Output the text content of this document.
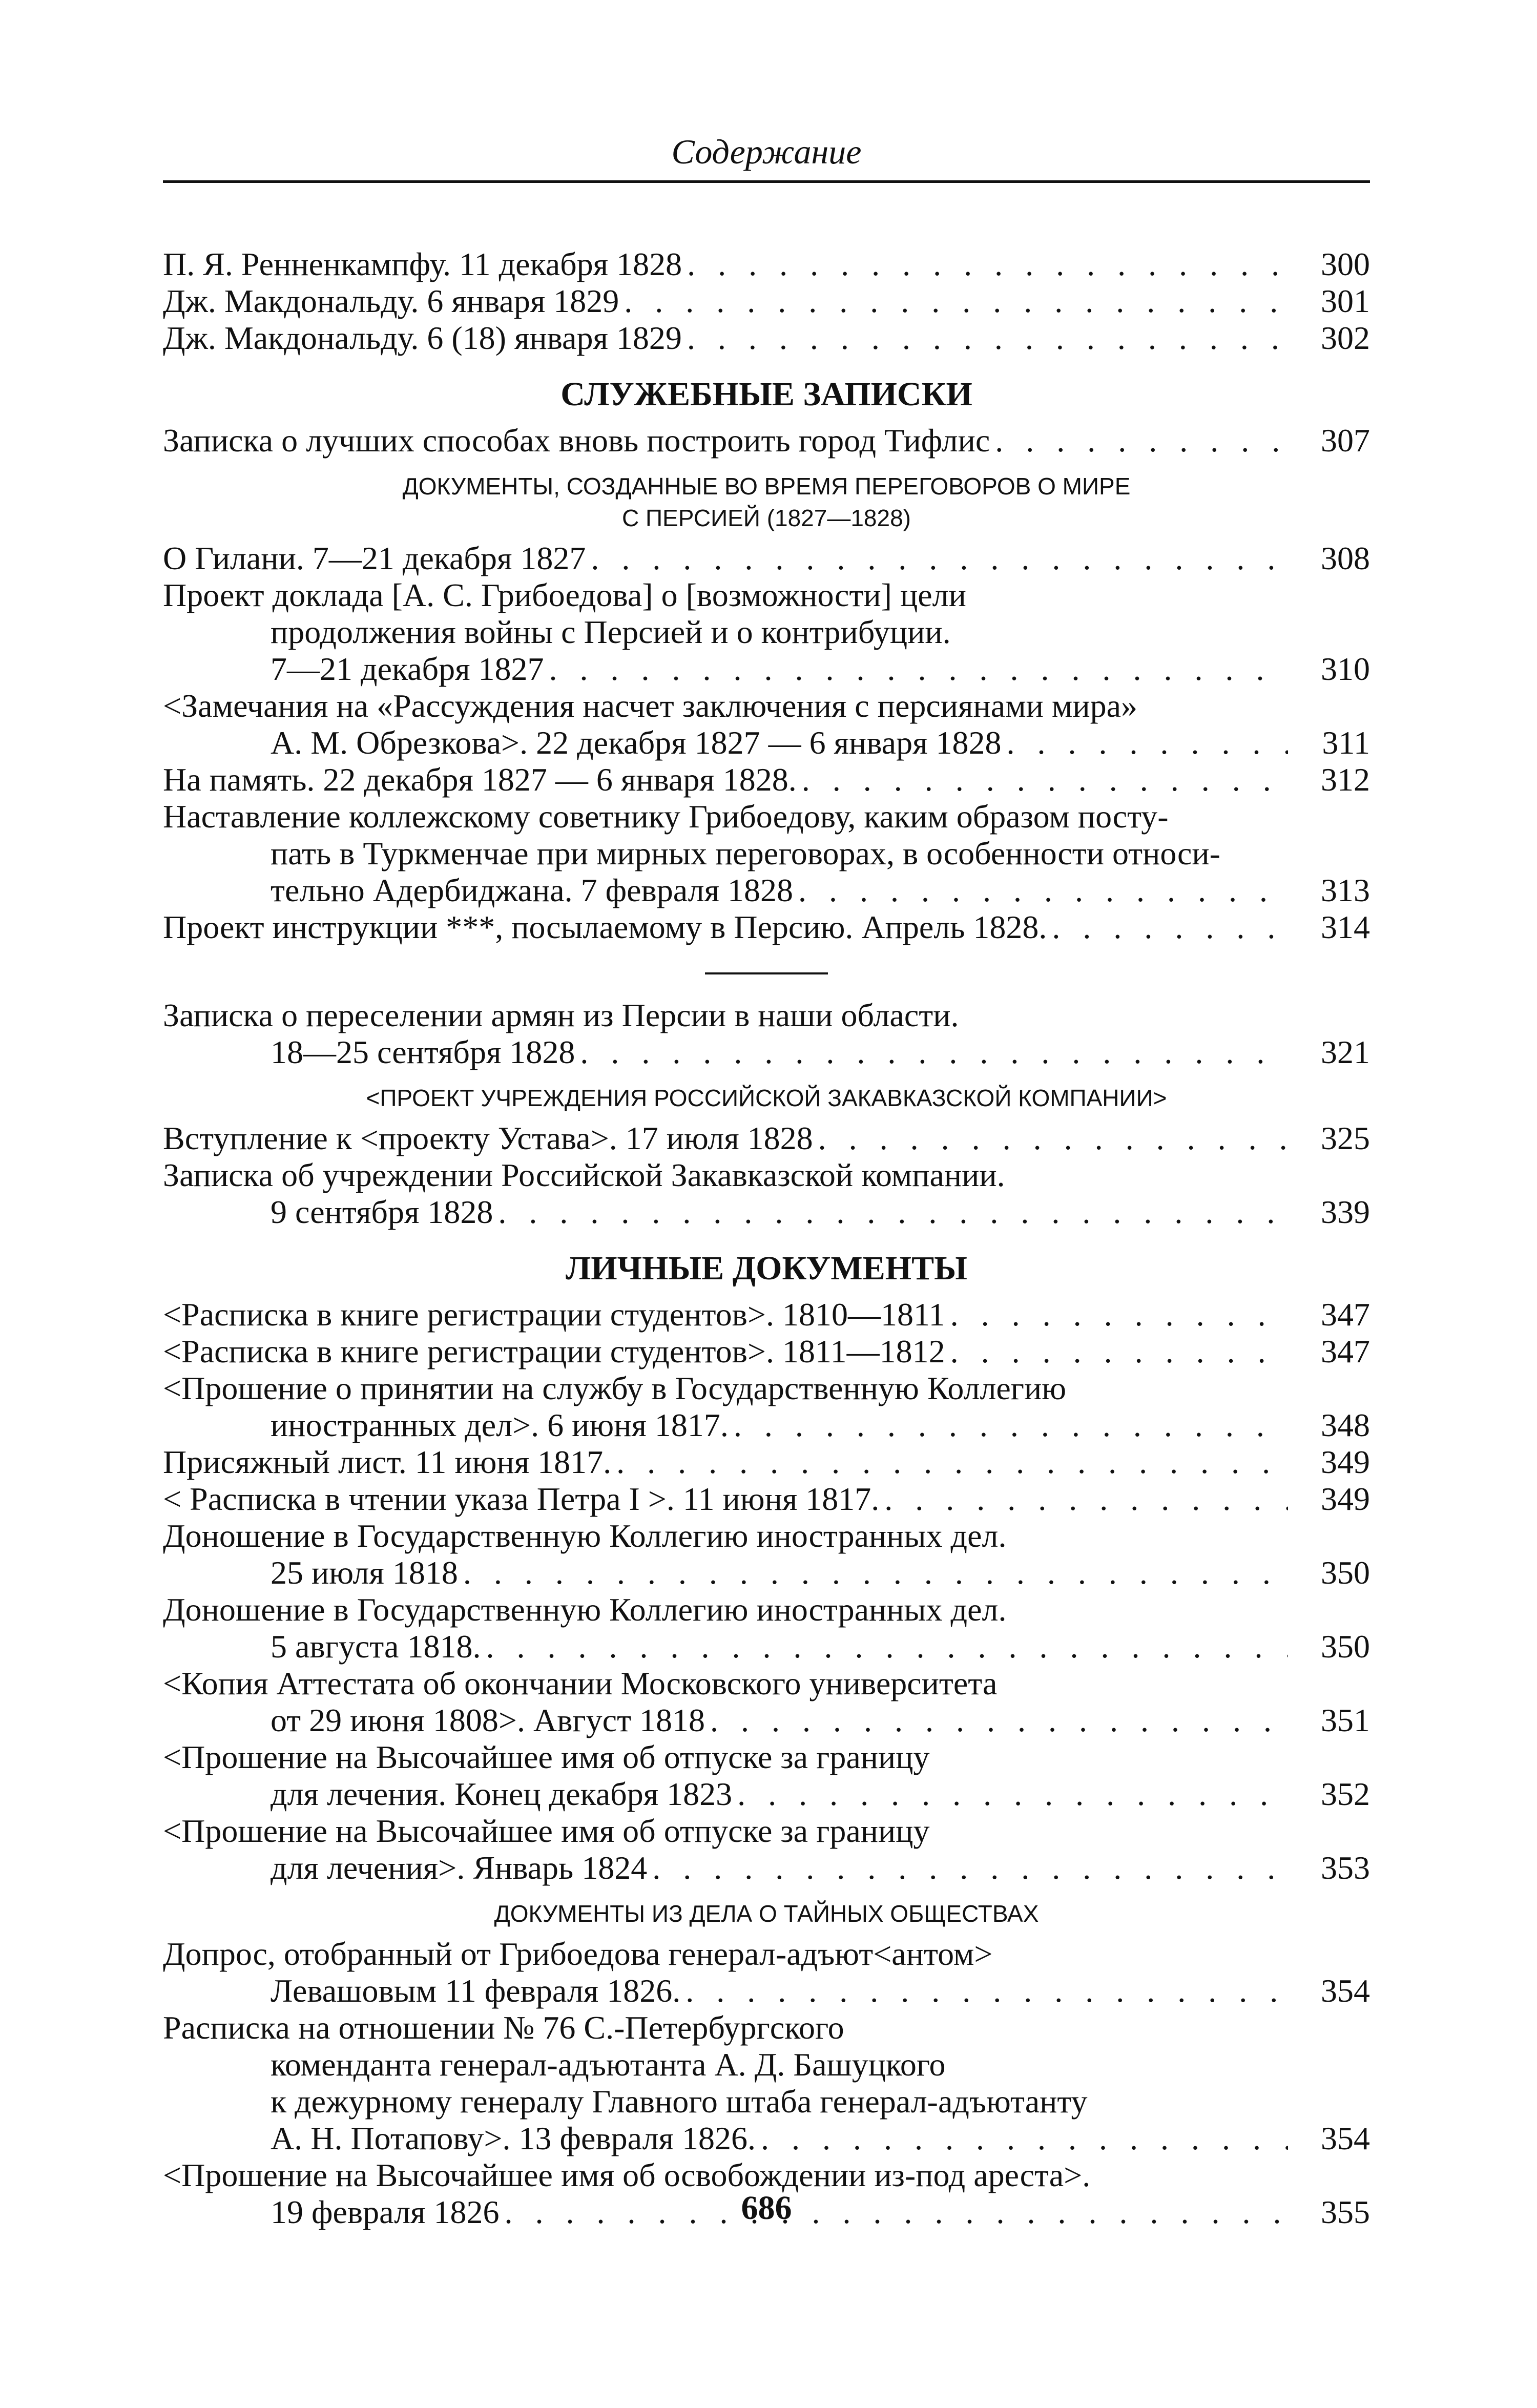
Содержание
П. Я. Ренненкампфу. 11 декабря 1828 . . .	300
Дж. Макдональду. 6 января 1829 . . .	301
Дж. Макдональду. 6 (18) января 1829 . . .	302
СЛУЖЕБНЫЕ ЗАПИСКИ
Записка о лучших способах вновь построить город Тифлис . . .	307
ДОКУМЕНТЫ, СОЗДАННЫЕ ВО ВРЕМЯ ПЕРЕГОВОРОВ О МИРЕ
С ПЕРСИЕЙ (1827—1828)
О Гилани. 7—21 декабря 1827 . . .	308
Проект доклада [А. С. Грибоедова] о [возможности] цели
продолжения войны с Персией и о контрибуции.
7—21 декабря 1827 . . .	310
<Замечания на «Рассуждения насчет заключения с персиянами мира»
А. М. Обрезкова>. 22 декабря 1827 — 6 января 1828 . . .	311
На память. 22 декабря 1827 — 6 января 1828. . . .	312
Наставление коллежскому советнику Грибоедову, каким образом посту-
пать в Туркменчае при мирных переговорах, в особенности относи-
тельно Адербиджана. 7 февраля 1828 . . .	313
Проект инструкции ***, посылаемому в Персию. Апрель 1828. . . .	314
Записка о переселении армян из Персии в наши области.
18—25 сентября 1828 . . .	321
<ПРОЕКТ УЧРЕЖДЕНИЯ РОССИЙСКОЙ ЗАКАВКАЗСКОЙ КОМПАНИИ>
Вступление к <проекту Устава>. 17 июля 1828 . . .	325
Записка об учреждении Российской Закавказской компании.
9 сентября 1828 . . .	339
ЛИЧНЫЕ ДОКУМЕНТЫ
<Расписка в книге регистрации студентов>. 1810—1811 . . .	347
<Расписка в книге регистрации студентов>. 1811—1812 . . .	347
<Прошение о принятии на службу в Государственную Коллегию
иностранных дел>. 6 июня 1817. . . .	348
Присяжный лист. 11 июня 1817. . . .	349
< Расписка в чтении указа Петра I >. 11 июня 1817. . . .	349
Доношение в Государственную Коллегию иностранных дел.
25 июля 1818 . . .	350
Доношение в Государственную Коллегию иностранных дел.
5 августа 1818. . . .	350
<Копия Аттестата об окончании Московского университета
от 29 июня 1808>. Август 1818 . . .	351
<Прошение на Высочайшее имя об отпуске за границу
для лечения. Конец декабря 1823 . . .	352
<Прошение на Высочайшее имя об отпуске за границу
для лечения>. Январь 1824 . . .	353
ДОКУМЕНТЫ ИЗ ДЕЛА О ТАЙНЫХ ОБЩЕСТВАХ
Допрос, отобранный от Грибоедова генерал-адъют<антом>
Левашовым 11 февраля 1826. . . .	354
Расписка на отношении № 76 С.-Петербургского
коменданта генерал-адъютанта А. Д. Башуцкого
к дежурному генералу Главного штаба генерал-адъютанту
А. Н. Потапову>. 13 февраля 1826. . . .	354
<Прошение на Высочайшее имя об освобождении из-под ареста>.
19 февраля 1826 . . .	355
686
